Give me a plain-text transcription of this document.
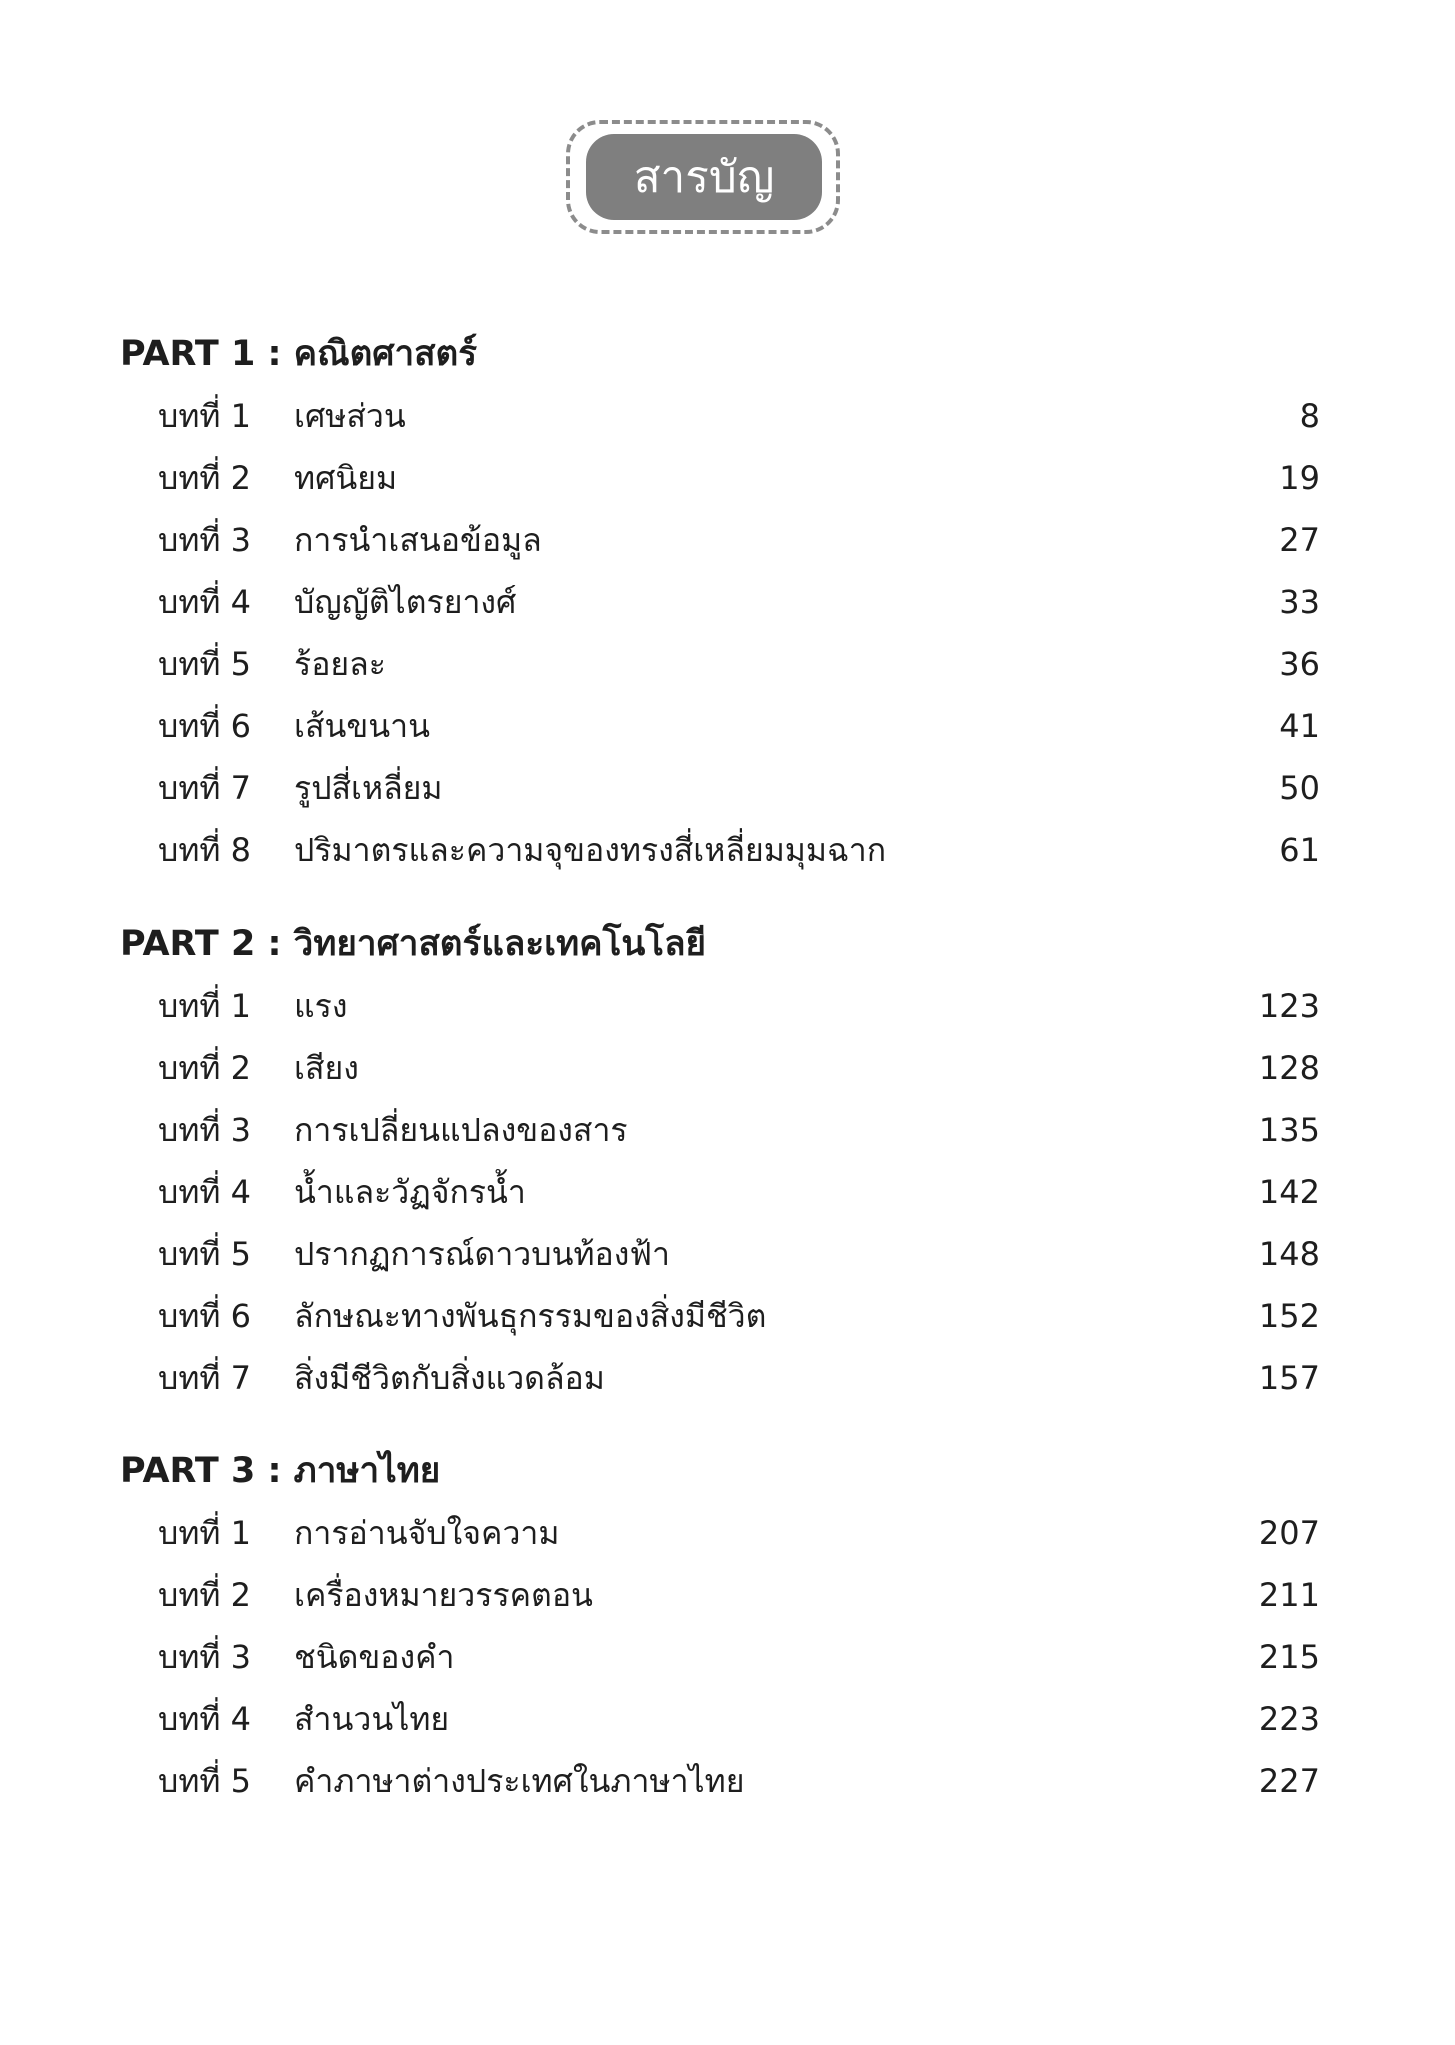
สารบัญ
PART 1 : คณิตศาสตร์
บทที่ 1 เศษส่วน	8
บทที่ 2 ทศนิยม	19
บทที่ 3 การนำเสนอข้อมูล	27
บทที่ 4 บัญญัติไตรยางศ์	33
บทที่ 5 ร้อยละ	36
บทที่ 6 เส้นขนาน	41
บทที่ 7 รูปสี่เหลี่ยม	50
บทที่ 8 ปริมาตรและความจุของทรงสี่เหลี่ยมมุมฉาก	61
PART 2 : วิทยาศาสตร์และเทคโนโลยี
บทที่ 1 แรง	123
บทที่ 2 เสียง	128
บทที่ 3 การเปลี่ยนแปลงของสาร	135
บทที่ 4 น้ำและวัฏจักรน้ำ	142
บทที่ 5 ปรากฏการณ์ดาวบนท้องฟ้า	148
บทที่ 6 ลักษณะทางพันธุกรรมของสิ่งมีชีวิต	152
บทที่ 7 สิ่งมีชีวิตกับสิ่งแวดล้อม	157
PART 3 : ภาษาไทย
บทที่ 1 การอ่านจับใจความ	207
บทที่ 2 เครื่องหมายวรรคตอน	211
บทที่ 3 ชนิดของคำ	215
บทที่ 4 สำนวนไทย	223
บทที่ 5 คำภาษาต่างประเทศในภาษาไทย	227
